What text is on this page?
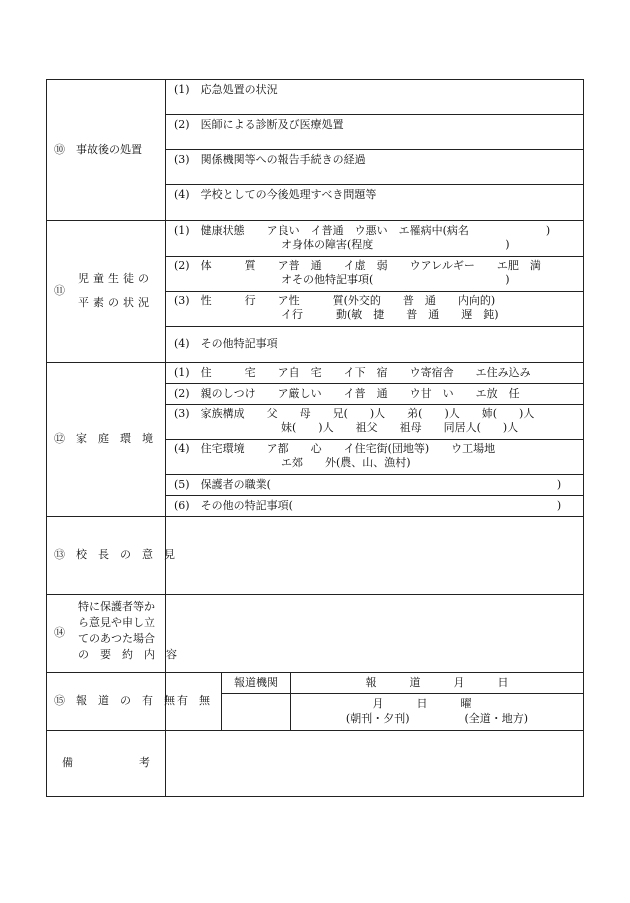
⑩　事故後の処置
(1)　応急処置の状況
(2)　医師による診断及び医療処置
(3)　関係機関等への報告手続きの経過
(4)　学校としての今後処理すべき問題等
⑪
児童生徒の
平素の状況
(1)　健康状態　　ア良い　イ普通　ウ悪い　エ罹病中(病名　　　　　　　)
オ身体の障害(程度　　　　　　　　　　　　)
(2)　体　　　質　　ア普　通　　イ虚　弱　　ウアレルギー　　エ肥　満
オその他特記事項(　　　　　　　　　　　　)
(3)　性　　　行　　ア性　　　質(外交的　　普　通　　内向的)
イ行　　　動(敏　捷　　普　通　　遅　鈍)
(4)　その他特記事項
⑫　家　庭　環　境
(1)　住　　　宅　　ア自　宅　　イ下　宿　　ウ寄宿舎　　エ住み込み
(2)　親のしつけ　　ア厳しい　　イ普　通　　ウ甘　い　　エ放　任
(3)　家族構成　　父　　母　　兄(　　)人　　弟(　　)人　　姉(　　)人
妹(　　)人　　祖父　　祖母　　同居人(　　)人
(4)　住宅環境　　ア都　　心　　イ住宅街(団地等)　　ウ工場地
エ郊　　外(農、山、漁村)
(5)　保護者の職業(　　　　　　　　　　　　　　　　　　　　　　　　　　)
(6)　その他の特記事項(　　　　　　　　　　　　　　　　　　　　　　　　)
⑬　校　長　の　意　見
⑭
特に保護者等か
ら意見や申し立
てのあつた場合
の　要　約　内　容
⑮　報　道　の　有　無 有　無
報道機関	報　　　道　　　月　　　日
月　　　日　　　曜
(朝刊・夕刊)　　　　　(全道・地方)
備　　　　　　考
